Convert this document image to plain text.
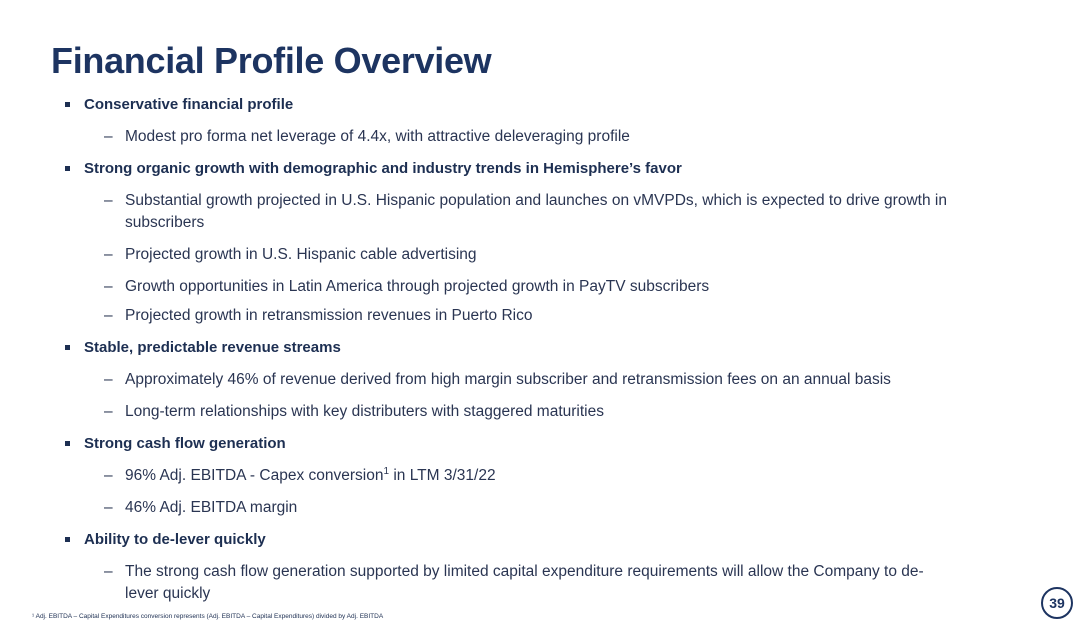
Financial Profile Overview
Conservative financial profile
– Modest pro forma net leverage of 4.4x, with attractive deleveraging profile
Strong organic growth with demographic and industry trends in Hemisphere’s favor
– Substantial growth projected in U.S. Hispanic population and launches on vMVPDs, which is expected to drive growth in subscribers
– Projected growth in U.S. Hispanic cable advertising
– Growth opportunities in Latin America through projected growth in PayTV subscribers
– Projected growth in retransmission revenues in Puerto Rico
Stable, predictable revenue streams
– Approximately 46% of revenue derived from high margin subscriber and retransmission fees on an annual basis
– Long-term relationships with key distributers with staggered maturities
Strong cash flow generation
– 96% Adj. EBITDA - Capex conversion$^1$ in LTM 3/31/22
– 46% Adj. EBITDA margin
Ability to de-lever quickly
– The strong cash flow generation supported by limited capital expenditure requirements will allow the Company to de-lever quickly
¹ Adj. EBITDA – Capital Expenditures conversion represents (Adj. EBITDA – Capital Expenditures) divided by Adj. EBITDA
39
